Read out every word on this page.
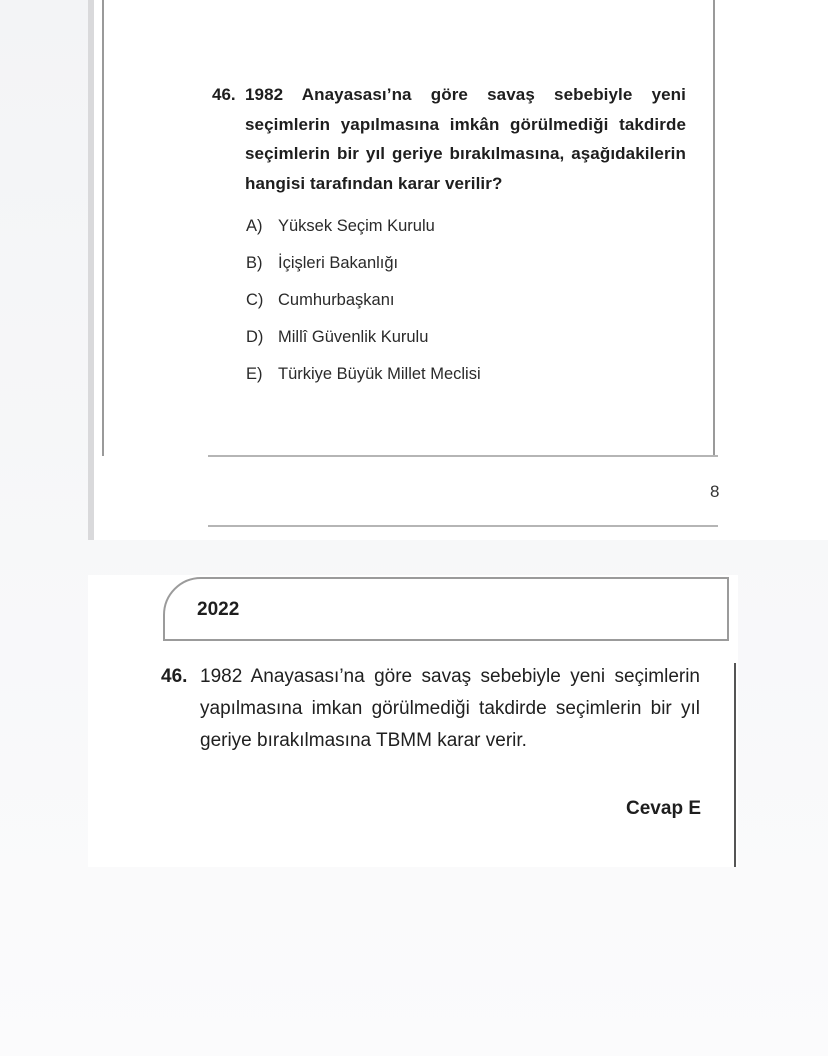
46. 1982 Anayasası’na göre savaş sebebiyle yeni seçimlerin yapılmasına imkân görülmediği takdirde seçimlerin bir yıl geriye bırakılmasına, aşağıdakilerin hangisi tarafından karar verilir?
A) Yüksek Seçim Kurulu
B) İçişleri Bakanlığı
C) Cumhurbaşkanı
D) Millî Güvenlik Kurulu
E) Türkiye Büyük Millet Meclisi
8
2022
46. 1982 Anayasası’na göre savaş sebebiyle yeni seçimlerin yapılmasına imkan görülmediği takdirde seçimlerin bir yıl geriye bırakılmasına TBMM karar verir.
Cevap E
